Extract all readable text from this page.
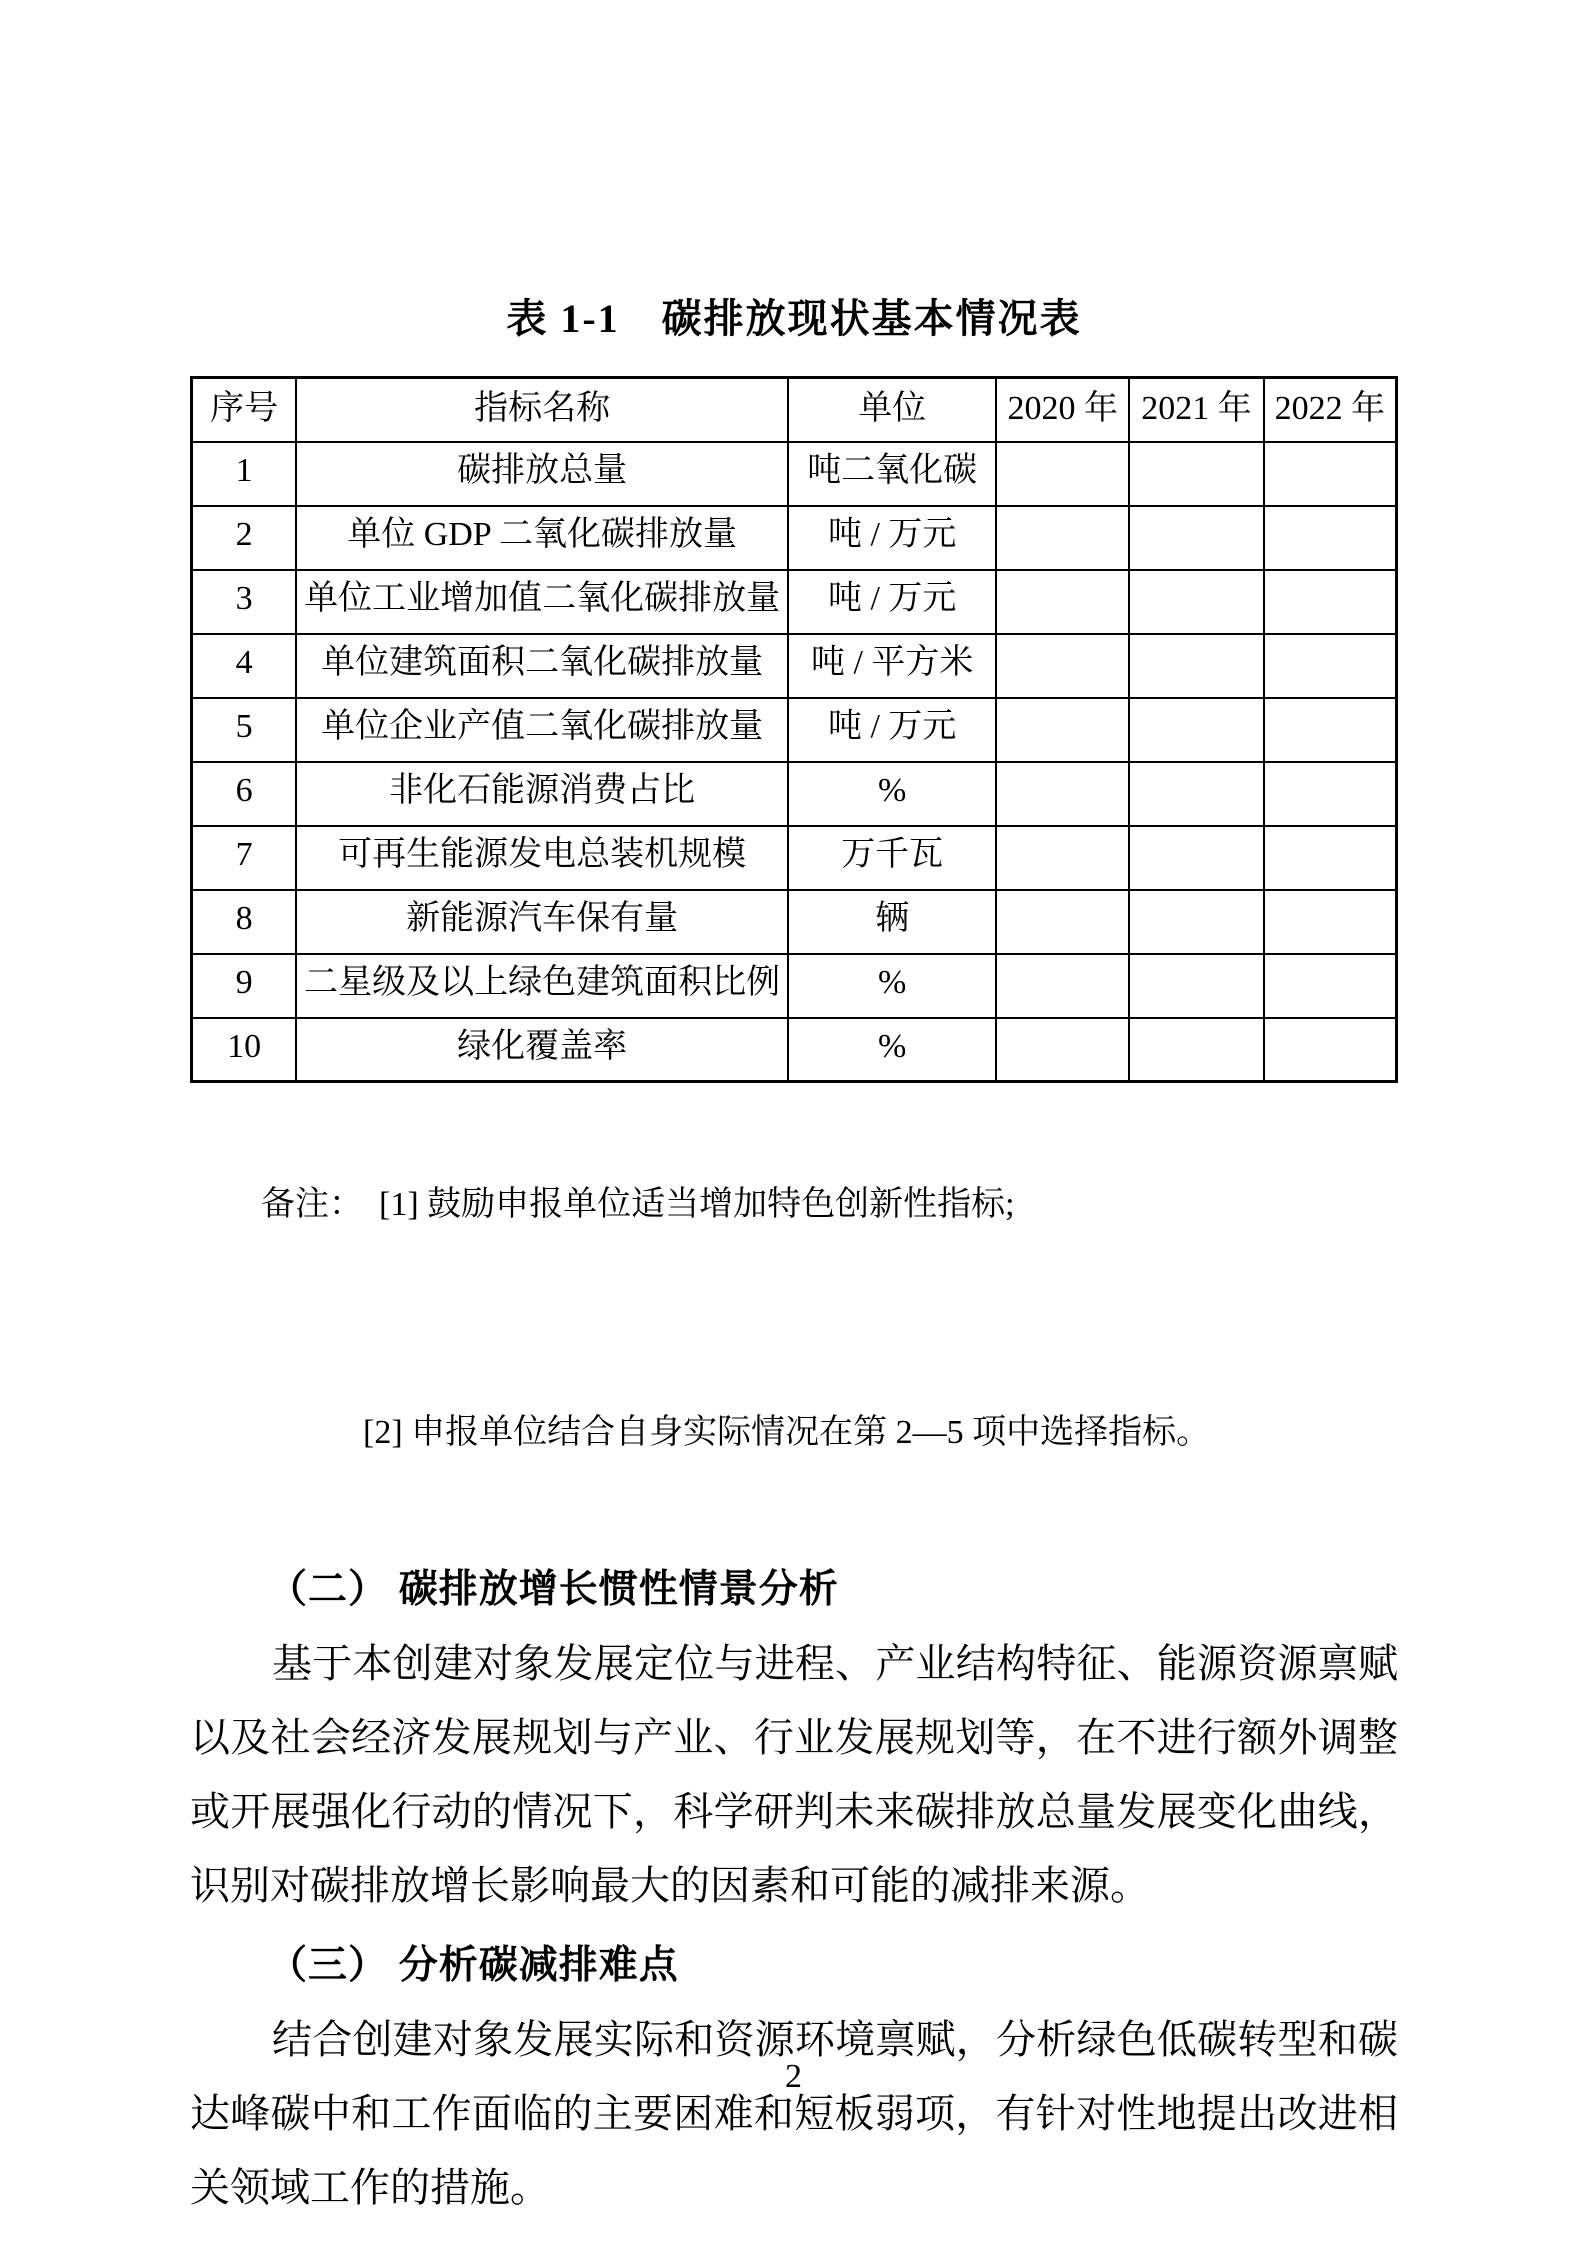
表 1-1　碳排放现状基本情况表
序号	指标名称	单位	2020 年	2021 年	2022 年
1	碳排放总量	吨二氧化碳			
2	单位 GDP 二氧化碳排放量	吨 / 万元			
3	单位工业增加值二氧化碳排放量	吨 / 万元			
4	单位建筑面积二氧化碳排放量	吨 / 平方米			
5	单位企业产值二氧化碳排放量	吨 / 万元			
6	非化石能源消费占比	%			
7	可再生能源发电总装机规模	万千瓦			
8	新能源汽车保有量	辆			
9	二星级及以上绿色建筑面积比例	%			
10	绿化覆盖率	%			

备注： [1] 鼓励申报单位适当增加特色创新性指标;

[2] 申报单位结合自身实际情况在第 2—5 项中选择指标。

（二） 碳排放增长惯性情景分析

基于本创建对象发展定位与进程、产业结构特征、能源资源禀赋以及社会经济发展规划与产业、行业发展规划等，在不进行额外调整或开展强化行动的情况下，科学研判未来碳排放总量发展变化曲线，识别对碳排放增长影响最大的因素和可能的减排来源。

（三） 分析碳减排难点

结合创建对象发展实际和资源环境禀赋，分析绿色低碳转型和碳达峰碳中和工作面临的主要困难和短板弱项，有针对性地提出改进相关领域工作的措施。

2
